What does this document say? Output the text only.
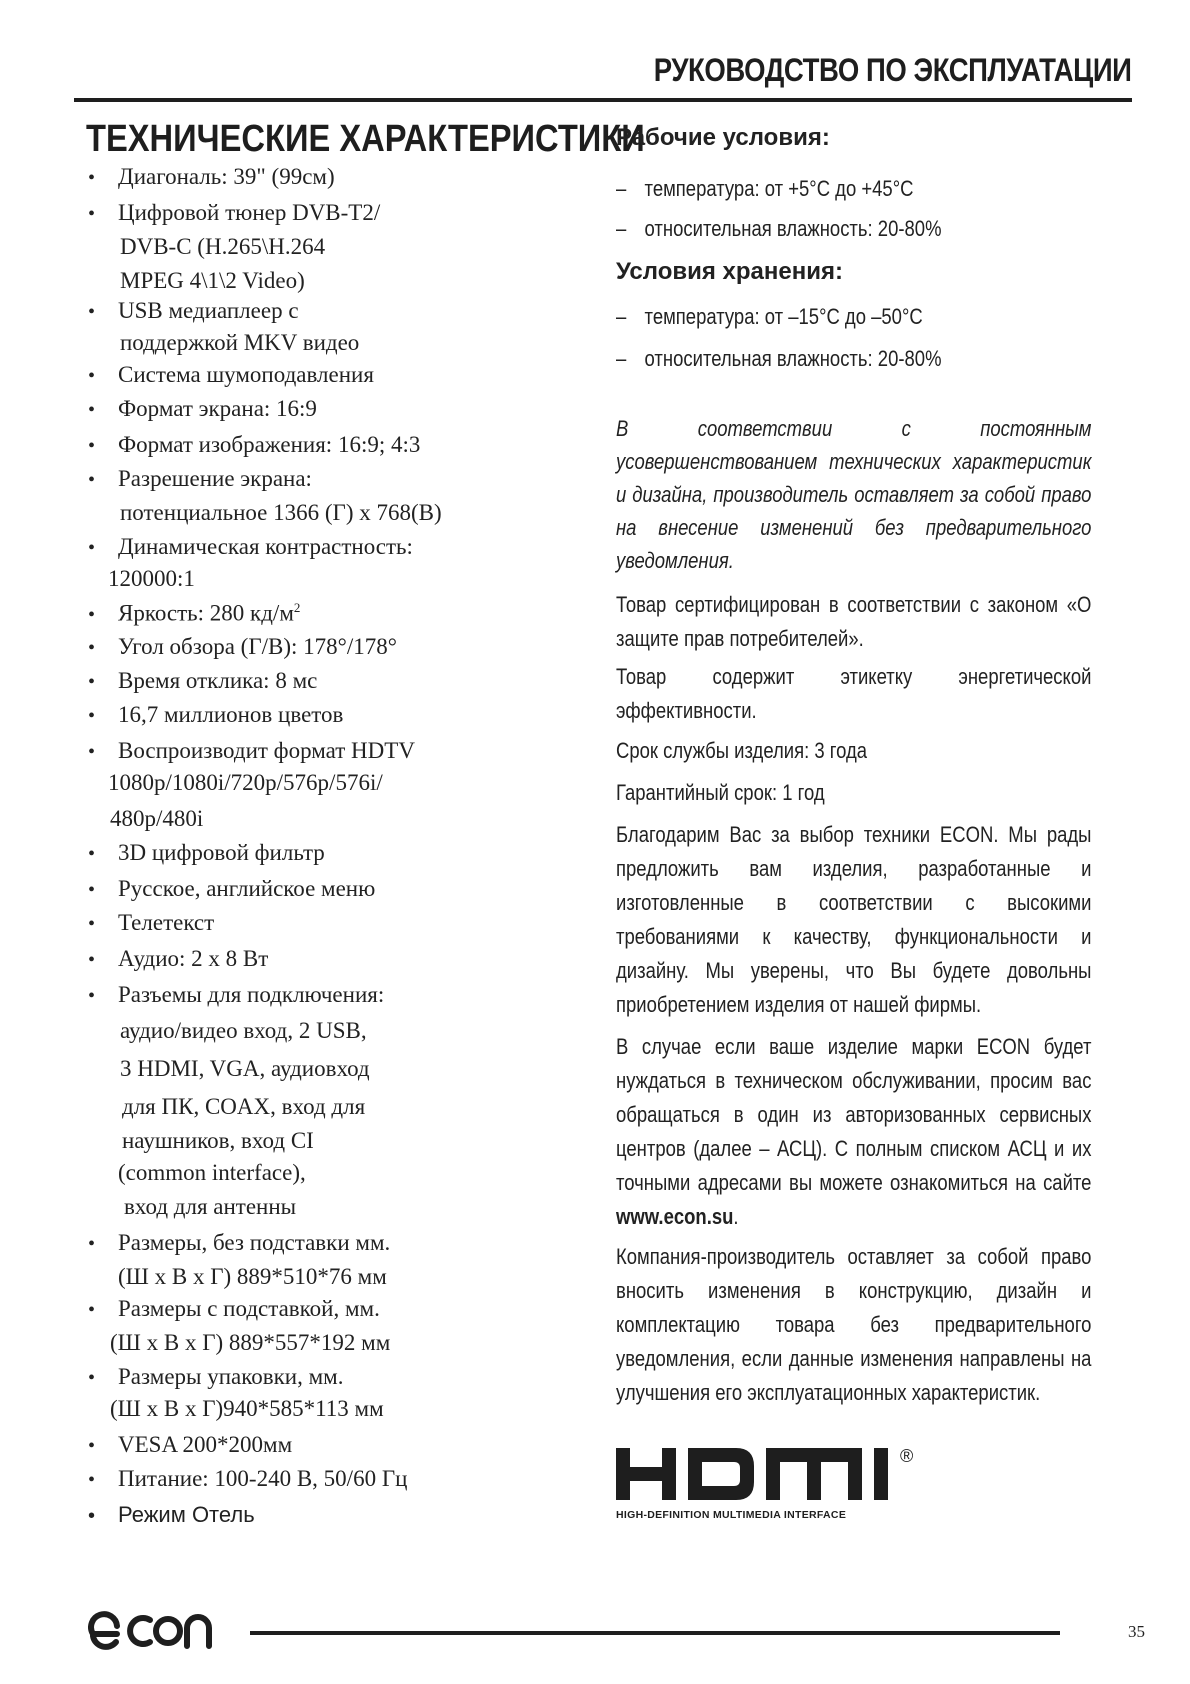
РУКОВОДСТВО ПО ЭКСПЛУАТАЦИИ
ТЕХНИЧЕСКИЕ ХАРАКТЕРИСТИКИ
• Диагональ: 39" (99см)
• Цифровой тюнер DVB-T2/
DVB-C (H.265\H.264
MPEG 4\1\2 Video)
• USB медиаплеер с
поддержкой MKV видео
• Система шумоподавления
• Формат экрана: 16:9
• Формат изображения: 16:9; 4:3
• Разрешение экрана:
потенциальное 1366 (Г) х 768(В)
• Динамическая контрастность:
120000:1
• Яркость: 280 $кд/м^2$
• Угол обзора (Г/В): 178°/178°
• Время отклика: 8 мс
• 16,7 миллионов цветов
• Воспроизводит формат HDTV
1080p/1080i/720p/576p/576i/
480p/480i
• 3D цифровой фильтр
• Русское, английское меню
• Телетекст
• Аудио: 2 х 8 Вт
• Разъемы для подключения:
аудио/видео вход, 2 USB,
3 HDMI, VGA, аудиовход
для ПК, COAX, вход для
наушников, вход CI
(common interface),
вход для антенны
• Размеры, без подставки мм.
(Ш х В х Г) 889*510*76 мм
• Размеры с подставкой, мм.
(Ш х В х Г) 889*557*192 мм
• Размеры упаковки, мм.
(Ш х В х Г)940*585*113 мм
• VESA 200*200мм
• Питание: 100-240 В, 50/60 Гц
• Режим Отель
Рабочие условия:
– температура: от +5°С до +45°С
– относительная влажность: 20-80%
Условия хранения:
– температура: от –15°С до –50°С
– относительная влажность: 20-80%
В соответствии с постоянным усовершенствованием технических характеристик и дизайна, производитель оставляет за собой право на внесение изменений без предварительного уведомления.
Товар сертифицирован в соответствии с законом «О защите прав потребителей».
Товар содержит этикетку энергетической эффективности.
Срок службы изделия: 3 года
Гарантийный срок: 1 год
Благодарим Вас за выбор техники ECON. Мы рады предложить вам изделия, разработанные и изготовленные в соответствии с высокими требованиями к качеству, функциональности и дизайну. Мы уверены, что Вы будете довольны приобретением изделия от нашей фирмы.
В случае если ваше изделие марки ECON будет нуждаться в техническом обслуживании, просим вас обращаться в один из авторизованных сервисных центров (далее – АСЦ). С полным списком АСЦ и их точными адресами вы можете ознакомиться на сайте www.econ.su.
Компания-производитель оставляет за собой право вносить изменения в конструкцию, дизайн и комплектацию товара без предварительного уведомления, если данные изменения направлены на улучшения его эксплуатационных характеристик.
®
HIGH-DEFINITION MULTIMEDIA INTERFACE
35
